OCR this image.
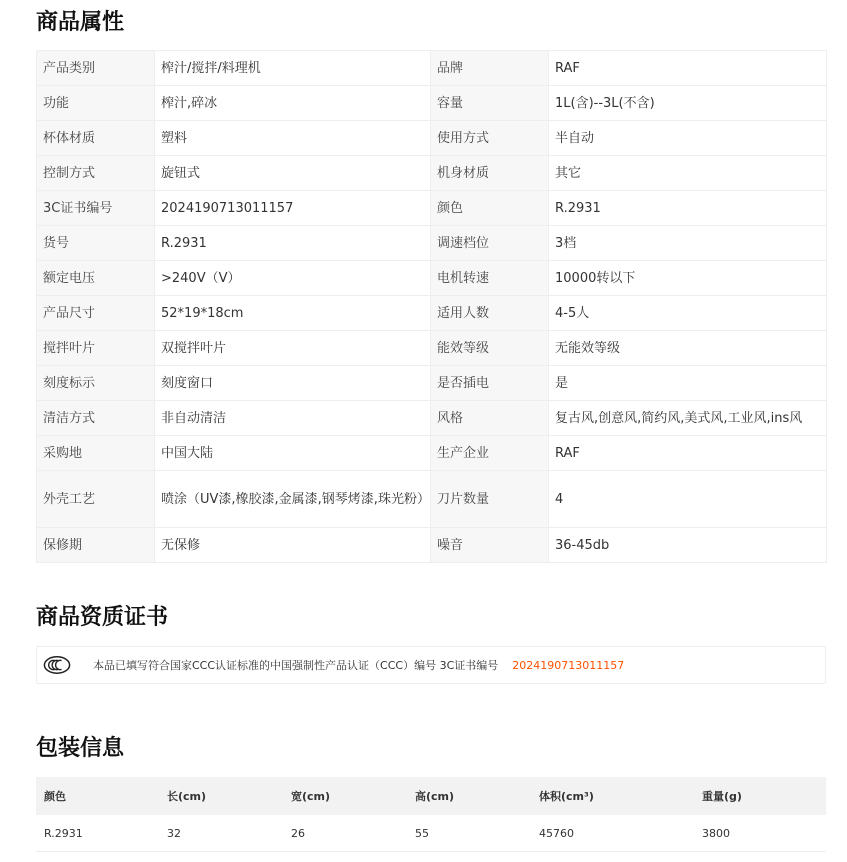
商品属性
产品类别	榨汁/搅拌/料理机	品牌	RAF
功能	榨汁,碎冰	容量	1L(含)--3L(不含)
杯体材质	塑料	使用方式	半自动
控制方式	旋钮式	机身材质	其它
3C证书编号	2024190713011157	颜色	R.2931
货号	R.2931	调速档位	3档
额定电压	>240V（V）	电机转速	10000转以下
产品尺寸	52*19*18cm	适用人数	4-5人
搅拌叶片	双搅拌叶片	能效等级	无能效等级
刻度标示	刻度窗口	是否插电	是
清洁方式	非自动清洁	风格	复古风,创意风,简约风,美式风,工业风,ins风
采购地	中国大陆	生产企业	RAF
外壳工艺	喷涂（UV漆,橡胶漆,金属漆,钢琴烤漆,珠光粉）	刀片数量	4
保修期	无保修	噪音	36-45db
商品资质证书
本品已填写符合国家CCC认证标准的中国强制性产品认证（CCC）编号 3C证书编号 2024190713011157
包装信息
颜色	长(cm)	宽(cm)	高(cm)	体积(cm³)	重量(g)
R.2931	32	26	55	45760	3800
